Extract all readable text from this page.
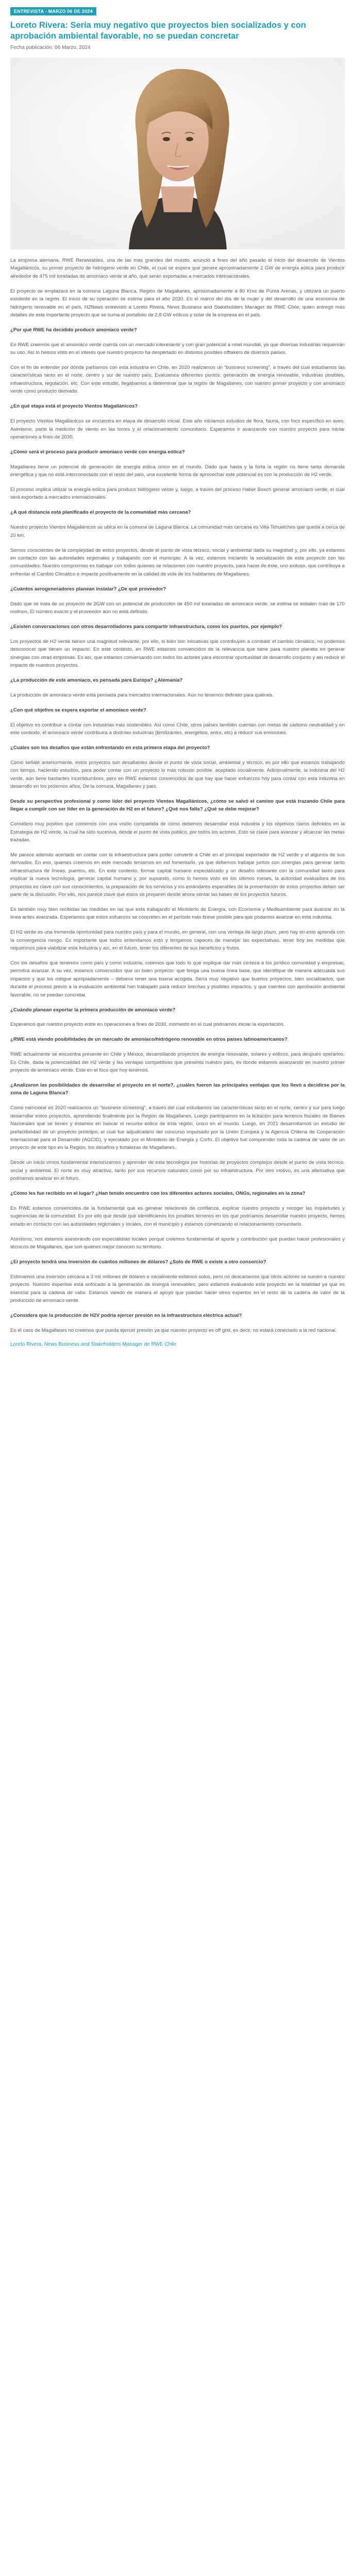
ENTREVISTA - MARZO 06 DE 2024
Loreto Rivera: Sería muy negativo que proyectos bien socializados y con aprobación ambiental favorable, no se puedan concretar
Fecha publicación: 06 Marzo, 2024

La empresa alemana, RWE Renewables, una de las más grandes del mundo, anunció a fines del año pasado el inicio del desarrollo de Vientos Magallánicos, su primer proyecto de hidrógeno verde en Chile, el cual se espera que genere aproximadamente 2 GW de energía eólica para producir alrededor de 475 mil toneladas de amoníaco verde al año, que serán exportadas a mercados internacionales.

El proyecto se emplazará en la comuna Laguna Blanca, Región de Magallanes, aproximadamente a 80 Kms de Punta Arenas, y utilizará un puerto existente en la región. El inicio de su operación se estima para el año 2030. En el marco del día de la mujer y del desarrollo de una economía de hidrógeno renovable en el país, H2News entrevistó a Loreto Rivera, News Business and Stakeholders Manager de RWE Chile, quien entregó más detalles de este importante proyecto que se suma al portafolio de 2,8 GW eólicos y solar de la empresa en el país.

¿Por qué RWE ha decidido producir amoníaco verde?

En RWE creemos que el amoníaco verde cuenta con un mercado interesante y con gran potencial a nivel mundial, ya que diversas industrias requerirán su uso. Así lo hemos visto en el interés que nuestro proyecto ha despertado en distintos posibles offtakers de diversos países.

Con el fin de entender por dónde partíamos con esta industria en Chile, en 2020 realizamos un “business screening”, a través del cual estudiamos las características tanto en el norte, centro y sur de nuestro país. Evaluamos diferentes puntos: generación de energía renovable, industrias posibles, infraestructura, regulación, etc. Con este estudio, llegábamos a determinar que la región de Magallanes, con nuestro primer proyecto y con amoníaco verde como producto derivado.

¿En qué etapa está el proyecto Vientos Magallánicos?

El proyecto Vientos Magallánicos se encuentra en etapa de desarrollo inicial. Este año iniciamos estudios de flora, fauna, con foco específico en aves. Asimismo, parte la medición de viento en las torres y el relacionamiento comunitario. Esperamos ir avanzando con nuestro proyecto para iniciar operaciones a fines de 2030.

¿Cómo será el proceso para producir amoníaco verde con energía eólica?

Magallanes tiene un potencial de generación de energía eólica único en el mundo. Dado que hasta y la forta la región no tiene tanta demanda energética y que no está interconectado con el resto del país, una excelente forma de aprovechar este potencial es con la producción de H2 verde.

El proceso implica utilizar la energía eólica para producir hidrógeno verde y, luego, a través del proceso Haber Bosch generar amoníaco verde, el cual será exportado a mercados internacionales.

¿A qué distancia está planificado el proyecto de la comunidad más cercana?

Nuestro proyecto Vientos Magallánicos se ubica en la comuna de Laguna Blanca. La comunidad más cercana es Villa Tehuelches que queda a cerca de 20 km.

Somos conscientes de la complejidad de estos proyectos, desde el punto de vista técnico, social y ambiental dada su magnitud y, por ello, ya estamos en contacto con las autoridades regionales y trabajando con el municipio. A la vez, estamos iniciando la socialización de este proyecto con las comunidades. Nuestro compromiso es trabajar con todos quienes se relacionen con nuestro proyecto, para hacer de éste, uno exitoso, que contribuya a enfrentar el Cambio Climático e impacte positivamente en la calidad de vida de los habitantes de Magallanes.

¿Cuántos aerogeneradores planean instalar? ¿De qué proveedor?

Dado que se trata de un proyecto de 2GW con un potencial de producción de 450 mil toneladas de amoníaco verde, se estima se instalen más de 170 molinos. El número exacto y el proveedor aún no está definido.

¿Existen conversaciones con otros desarrolladores para compartir infraestructura, como los puertos, por ejemplo?

Los proyectos de H2 verde tienen una magnitud relevante, por ello, si bien son iniciativas que contribuyen a combatir el cambio climático, no podemos desconocer que tienen un impacto. En este contexto, en RWE estamos convencidos de la relevancia que tiene para nuestro planeta en generar sinergias con otras empresas. Es así, que estamos conversando con todos los actores para encontrar oportunidad de desarrollo conjunto y así reducir el impacto de nuestros proyectos.

¿La producción de este amoníaco, es pensada para Europa? ¿Alemania?

La producción de amoníaco verde está pensada para mercados internacionales. Aún no tenemos definido para quiénes.

¿Con qué objetivo se espera exportar el amoníaco verde?

El objetivo es contribuir a contar con industrias más sostenibles. Así como Chile, otros países también cuentan con metas de carbono neutralidad y en este contexto, el amoníaco verde contribuirá a distintas industrias (fertilizantes, energético, entre, etc) a reducir sus emisiones.

¿Cuáles son los desafíos que están enfrentando en esta primera etapa del proyecto?

Como señalé anteriormente, estos proyectos son desafiantes desde el punto de vista social, ambiental y técnico, es por ello que estamos trabajando con tiempo, haciendo estudios, para poder contar con un proyecto lo más robusto posible, aceptado socialmente. Adicionalmente, la industria del H2 verde, aún tiene bastantes incertidumbres, pero en RWE estamos convencidos de que hay que hacer esfuerzos hoy para contar con esta industria en desarrollo en los próximos años, De la comuna, Magallanes y país.

Desde su perspectiva profesional y como líder del proyecto Vientos Magallánicos, ¿cómo se salvó el camino que está trazando Chile para llegar a cumplir con ser líder en la generación de H2 en el futuro? ¿Qué nos falta? ¿Qué se debe mejorar?

Considero muy positivo que contemos con una visión compartida de cómo debemos desarrollar esta industria y los objetivos claros definidos en la Estrategia de H2 verde, la cual ha sido sucesiva, desde el punto de vista público, por todos los actores. Esto se clave para avanzar y alcanzar las metas trazadas.

Me parece además acertado en contar con la infraestructura para poder convertir a Chile en el principal exportador de H2 verde y el algunos de sus derivados. En eso, quienes creemos en este mercado teníamos en ind fomentarlo, ya que debemos trabajar juntos con sinergias para generar tanto infraestructura de líneas, puertos, etc. En este contexto, formar capital humano especializado y un desafío relevante con la comunidad tanto para explicar la nueva tecnología, generar capital humano y, por supuesto, como lo hemos visto en los últimos meses, la autoridad evaluadora de los proyectos es clave con sus conocimientos, la preparación de los servicios y los estándares esperables de la presentación de estos proyectos deben ser parte de la discusión. Por ello, nos parece clave que éstos se preparen desde ahora sentar las bases de los proyectos futuros.

Es también muy bien recibidas las medidas en las que está trabajando el Ministerio de Energía, con Economía y Medioambiente para avanzar en la línea antes avanzada. Esperamos que estos esfuerzos se concreten en el período más breve posible para que podamos avanzar en esta industria.

El H2 verde es una tremenda oportunidad para nuestro país y para el mundo, en general, con una ventaja de largo plazo, pero hay en esto aprenda con la convergencia riesgo. Es importante que todos entendamos esto y tengamos capaces de manejar las expectativas, tener hoy las medidas que requerimos para viabilizar esta industria y así, en el futuro, tener los diferentes de sus beneficios y frutos.

Con los desafíos que tenemos como país y como industria, creemos que todo lo que implique dar más certeza a los jurídico comunidad y empresas, permitirá avanzar. A su vez, estamos convencidos que un buen proyecto: que tenga una buena línea base, que identifique de manera adecuada sus impactos y que los mitigue apropiadamente – debiese tener una buena acogida. Sería muy negativo que buenos proyectos, bien socializados, que durante el proceso previo a la evaluación ambiental han trabajado para reducir brechas y posibles impactos, y que cuenten con aprobación ambiental favorable, no se puedan concretar.

¿Cuándo planean exportar la primera producción de amoníaco verde?

Esperamos que nuestro proyecto entre en operaciones a fines de 2030, momento en el cual podríamos iniciar la exportación.

¿RWE está viendo posibilidades de un mercado de amoníaco/hidrógeno renovable en otros países latinoamericanos?

RWE actualmente se encuentra presente en Chile y México, desarrollando proyectos de energía renovable, solares y eólicos, para después operarlos. En Chile, dada la potencialidad del H2 verde y las ventajas competitivas que presenta nuestro país, es donde estamos avanzando en nuestro primer proyecto de amoníaco verde. Este en el foco que hoy tenemos.

¿Analizaron las posibilidades de desarrollar el proyecto en el norte?, ¿cuáles fueron las principales ventajas que los llevó a decidirse por la zona de Laguna Blanca?

Como mencioné en 2020 realizamos un “business screening”, a través del cual estudiamos las características tanto en el norte, centro y sur para luego desarrollar estos proyectos, aprendiendo finalmente por la Región de Magallanes. Luego participamos en la licitación para terrenos fiscales de Bienes Nacionales que se tienes y estamos en buscar el recurso eólico de esta región, único en el mundo. Luego, en 2021 desarrollamos un estudio de prefactibilidad de un proyecto prototipo, el cual fue adjudicatario del concurso impulsado por la Unión Europea y la Agencia Chilena de Cooperación Internacional para el Desarrollo (AGCID), y ejecutado por el Ministerio de Energía y Corfo. El objetivo fue comprender toda la cadena de valor de un proyecto de este tipo en la Región, los desafíos y fortalezas de Magallanes.

Desde un inicio vimos fundamental interiorizarnos y aprender de esta tecnología por historias de proyectos complejos desde el punto de vista técnico, social y ambiental. El norte es muy atractivo, tanto por sus recursos naturales como por su infraestructura. Por otro motivo, es una alternativa que podríamos analizar en el futuro.

¿Cómo les fue recibido en el lugar? ¿Han tenido encuentro con los diferentes actores sociales, ONGs, regionales en la zona?

En RWE estamos convencidos de la fundamental que es generar relaciones de confianza, explicar nuestro proyecto y recoger las inquietudes y sugerencias de la comunidad. Es por ello que desde que identificamos los posibles terrenos en los que podríamos desarrollar nuestro proyecto, hemos estado en contacto con las autoridades regionales y locales, con el municipio y estamos comenzando el relacionamiento comunitario.

Asimismo, nos estamos asesorando con especialistas locales porque creemos fundamental el aporte y contribución que puedan hacer profesionales y técnicos de Magallanes, que son quienes mejor conocen su territorio.

¿El proyecto tendrá una inversión de cuántos millones de dólares? ¿Solo de RWE o existe a otro consorcio?

Estimamos una inversión cercana a 3 mil millones de dólares e inicialmente estamos solos, pero no descartamos que otros actores se sumen a nuestro proyecto. Nuestro expertise está enfocado a la generación de energía renovables, pero estamos evaluando este proyecto en la totalidad ya que es esencial para la cadena de valor. Estamos viendo de manera el apoyo que puedan hacer otros expertos en el resto de la cadena de valor de la producción de amoníaco verde.

¿Considera que la producción de H2V podría ejercer presión en la infraestructura eléctrica actual?

En el caso de Magallanes no creemos que pueda ejercer presión ya que nuestro proyecto es off grid, es decir, no estará conectado a la red nacional.

Loreto Rivera, News Business and Stakeholders Manager de RWE Chile
